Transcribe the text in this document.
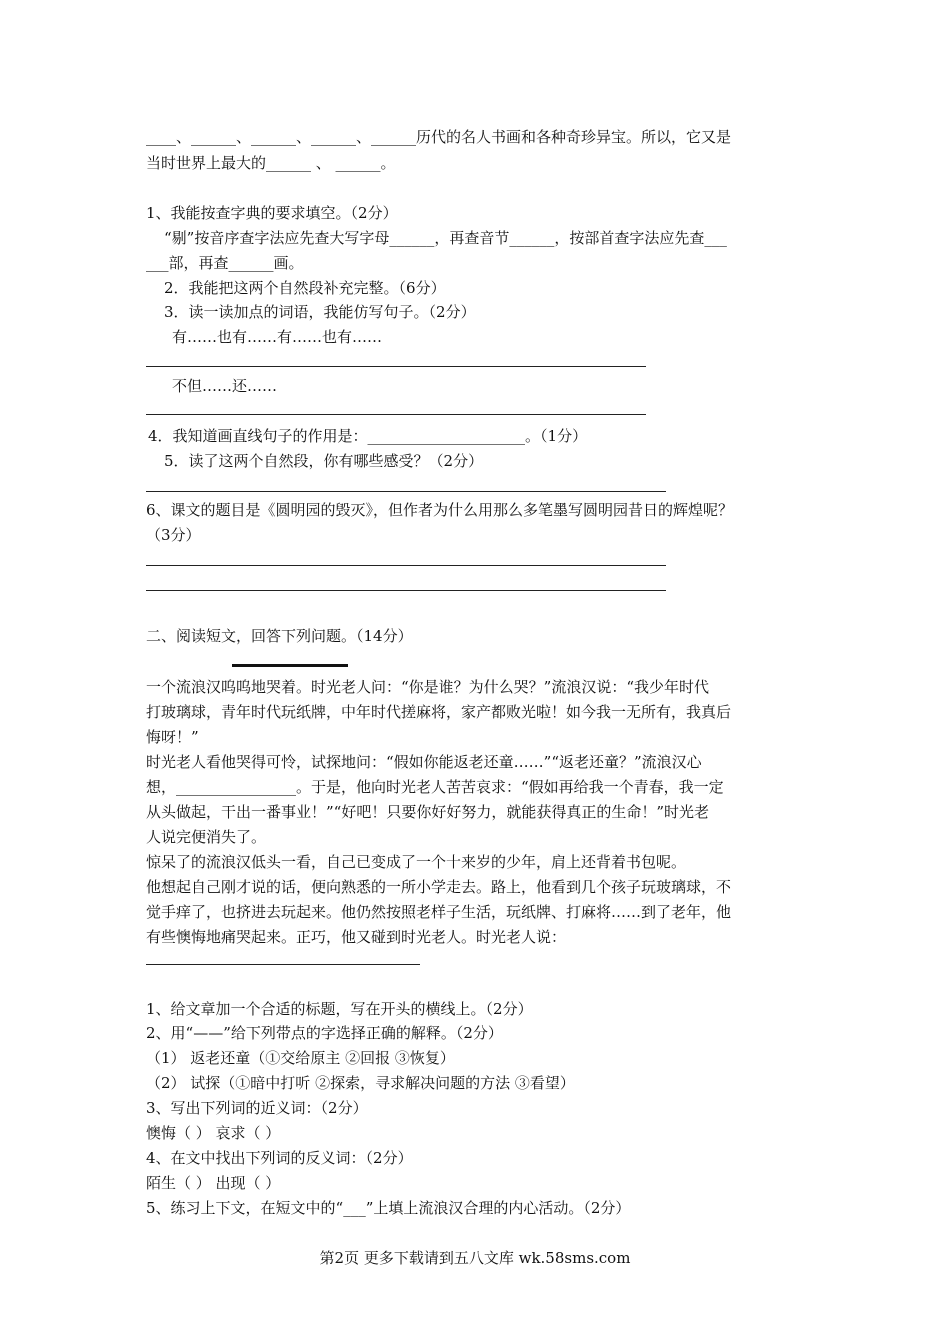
____、______、______、______、______历代的名人书画和各种奇珍异宝。所以，它又是
当时世界上最大的______ 、 ______。
1、我能按查字典的要求填空。（2分）
“剔”按音序查字法应先查大写字母______，再查音节______，按部首查字法应先查___
___部，再查______画。
2．我能把这两个自然段补充完整。（6分）
3．读一读加点的词语，我能仿写句子。（2分）
有……也有……有……也有……
不但……还……
4．我知道画直线句子的作用是：_____________________。（1分）
5．读了这两个自然段，你有哪些感受？（2分）
6、课文的题目是《圆明园的毁灭》，但作者为什么用那么多笔墨写圆明园昔日的辉煌呢？
（3分）
二、阅读短文，回答下列问题。（14分）
一个流浪汉呜呜地哭着。时光老人问：“你是谁？为什么哭？”流浪汉说：“我少年时代
打玻璃球，青年时代玩纸牌，中年时代搓麻将，家产都败光啦！如今我一无所有，我真后
悔呀！”
时光老人看他哭得可怜，试探地问：“假如你能返老还童……”“返老还童？”流浪汉心
想，________________。于是，他向时光老人苦苦哀求：“假如再给我一个青春，我一定
从头做起，干出一番事业！”“好吧！只要你好好努力，就能获得真正的生命！”时光老
人说完便消失了。
惊呆了的流浪汉低头一看，自己已变成了一个十来岁的少年，肩上还背着书包呢。
他想起自己刚才说的话，便向熟悉的一所小学走去。路上，他看到几个孩子玩玻璃球，不
觉手痒了，也挤进去玩起来。他仍然按照老样子生活，玩纸牌、打麻将……到了老年，他
有些懊悔地痛哭起来。正巧，他又碰到时光老人。时光老人说：
1、给文章加一个合适的标题，写在开头的横线上。（2分）
2、用“——”给下列带点的字选择正确的解释。（2分）
（1） 返老还童（①交给原主 ②回报 ③恢复）
（2） 试探（①暗中打听 ②探索，寻求解决问题的方法 ③看望）
3、写出下列词的近义词：（2分）
懊悔（ ） 哀求（ ）
4、在文中找出下列词的反义词：（2分）
陌生（ ） 出现（ ）
5、练习上下文，在短文中的“___”上填上流浪汉合理的内心活动。（2分）
第2页 更多下载请到五八文库 wk.58sms.com
